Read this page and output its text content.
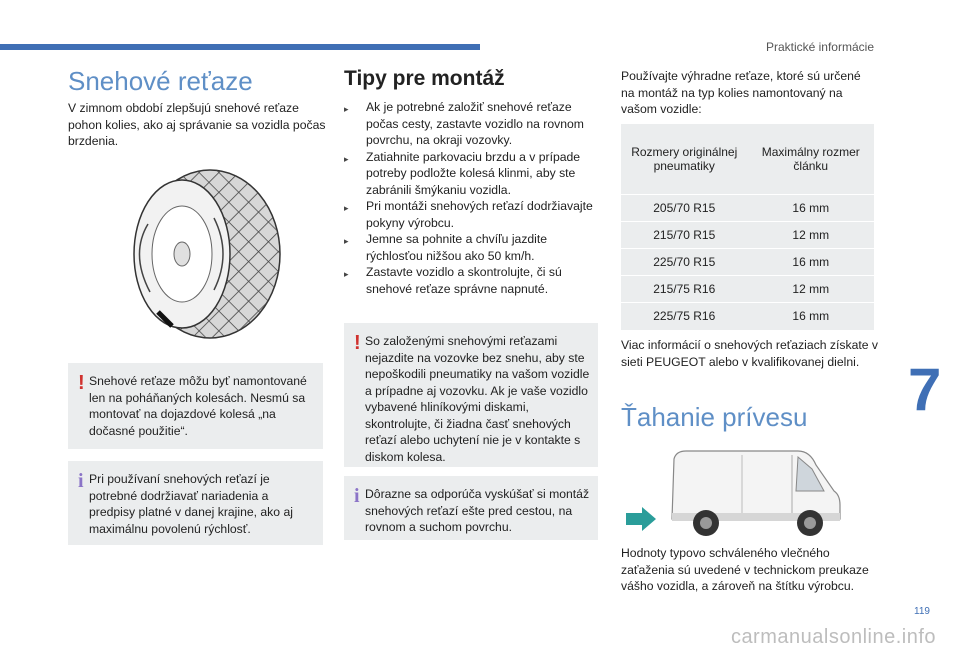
Praktické informácie
Snehové reťaze
V zimnom období zlepšujú snehové reťaze pohon kolies, ako aj správanie sa vozidla počas brzdenia.
! Snehové reťaze môžu byť namontované len na poháňaných kolesách. Nesmú sa montovať na dojazdové kolesá „na dočasné použitie“.
i Pri používaní snehových reťazí je potrebné dodržiavať nariadenia a predpisy platné v danej krajine, ako aj maximálnu povolenú rýchlosť.
Tipy pre montáž
▸ Ak je potrebné založiť snehové reťaze počas cesty, zastavte vozidlo na rovnom povrchu, na okraji vozovky.
▸ Zatiahnite parkovaciu brzdu a v prípade potreby podložte kolesá klinmi, aby ste zabránili šmýkaniu vozidla.
▸ Pri montáži snehových reťazí dodržiavajte pokyny výrobcu.
▸ Jemne sa pohnite a chvíľu jazdite rýchlosťou nižšou ako 50 km/h.
▸ Zastavte vozidlo a skontrolujte, či sú snehové reťaze správne napnuté.
! So založenými snehovými reťazami nejazdite na vozovke bez snehu, aby ste nepoškodili pneumatiky na vašom vozidle a prípadne aj vozovku. Ak je vaše vozidlo vybavené hliníkovými diskami, skontrolujte, či žiadna časť snehových reťazí alebo uchytení nie je v kontakte s diskom kolesa.
i Dôrazne sa odporúča vyskúšať si montáž snehových reťazí ešte pred cestou, na rovnom a suchom povrchu.
Používajte výhradne reťaze, ktoré sú určené na montáž na typ kolies namontovaný na vašom vozidle:
Rozmery originálnej pneumatiky	Maximálny rozmer článku
205/70 R15	16 mm
215/70 R15	12 mm
225/70 R15	16 mm
215/75 R16	12 mm
225/75 R16	16 mm
Viac informácií o snehových reťaziach získate v sieti PEUGEOT alebo v kvalifikovanej dielni.
Ťahanie prívesu
Hodnoty typovo schváleného vlečného zaťaženia sú uvedené v technickom preukaze vášho vozidla, a zároveň na štítku výrobcu.
7
119
carmanualsonline.info
